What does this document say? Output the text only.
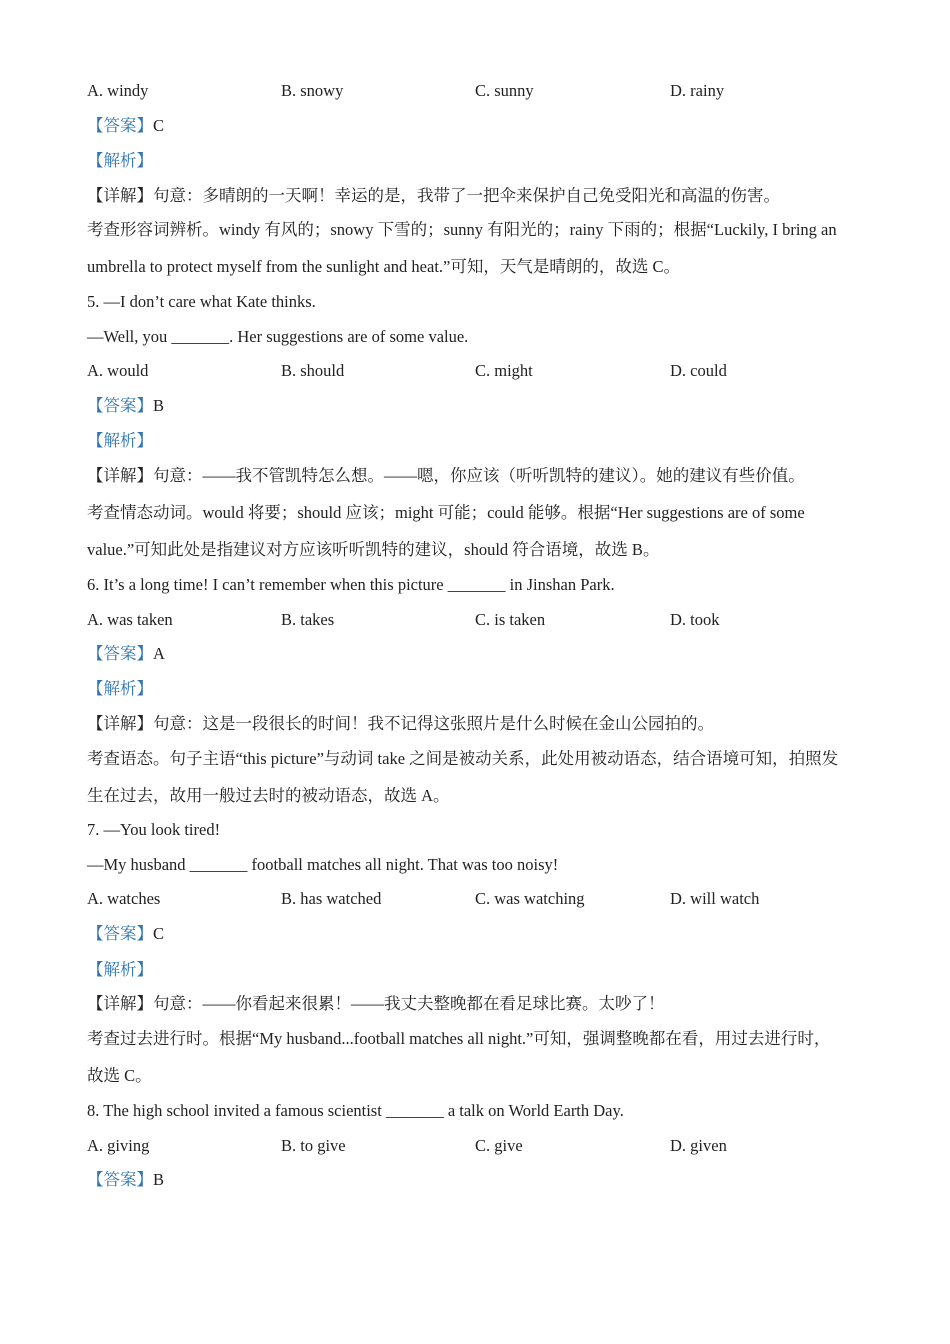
A. windy	B. snowy	C. sunny	D. rainy
【答案】C
【解析】
【详解】句意：多晴朗的一天啊！幸运的是，我带了一把伞来保护自己免受阳光和高温的伤害。
考查形容词辨析。windy 有风的；snowy 下雪的；sunny 有阳光的；rainy 下雨的；根据“Luckily, I bring an
umbrella to protect myself from the sunlight and heat.”可知，天气是晴朗的，故选 C。
5. —I don’t care what Kate thinks.
—Well, you _______. Her suggestions are of some value.
A. would	B. should	C. might	D. could
【答案】B
【解析】
【详解】句意：——我不管凯特怎么想。——嗯，你应该（听听凯特的建议）。她的建议有些价值。
考查情态动词。would 将要；should 应该；might 可能；could 能够。根据“Her suggestions are of some
value.”可知此处是指建议对方应该听听凯特的建议，should 符合语境，故选 B。
6. It’s a long time! I can’t remember when this picture _______ in Jinshan Park.
A. was taken	B. takes	C. is taken	D. took
【答案】A
【解析】
【详解】句意：这是一段很长的时间！我不记得这张照片是什么时候在金山公园拍的。
考查语态。句子主语“this picture”与动词 take 之间是被动关系，此处用被动语态，结合语境可知，拍照发
生在过去，故用一般过去时的被动语态，故选 A。
7. —You look tired!
—My husband _______ football matches all night. That was too noisy!
A. watches	B. has watched	C. was watching	D. will watch
【答案】C
【解析】
【详解】句意：——你看起来很累！——我丈夫整晚都在看足球比赛。太吵了！
考查过去进行时。根据“My husband...football matches all night.”可知，强调整晚都在看，用过去进行时，
故选 C。
8. The high school invited a famous scientist _______ a talk on World Earth Day.
A. giving	B. to give	C. give	D. given
【答案】B
